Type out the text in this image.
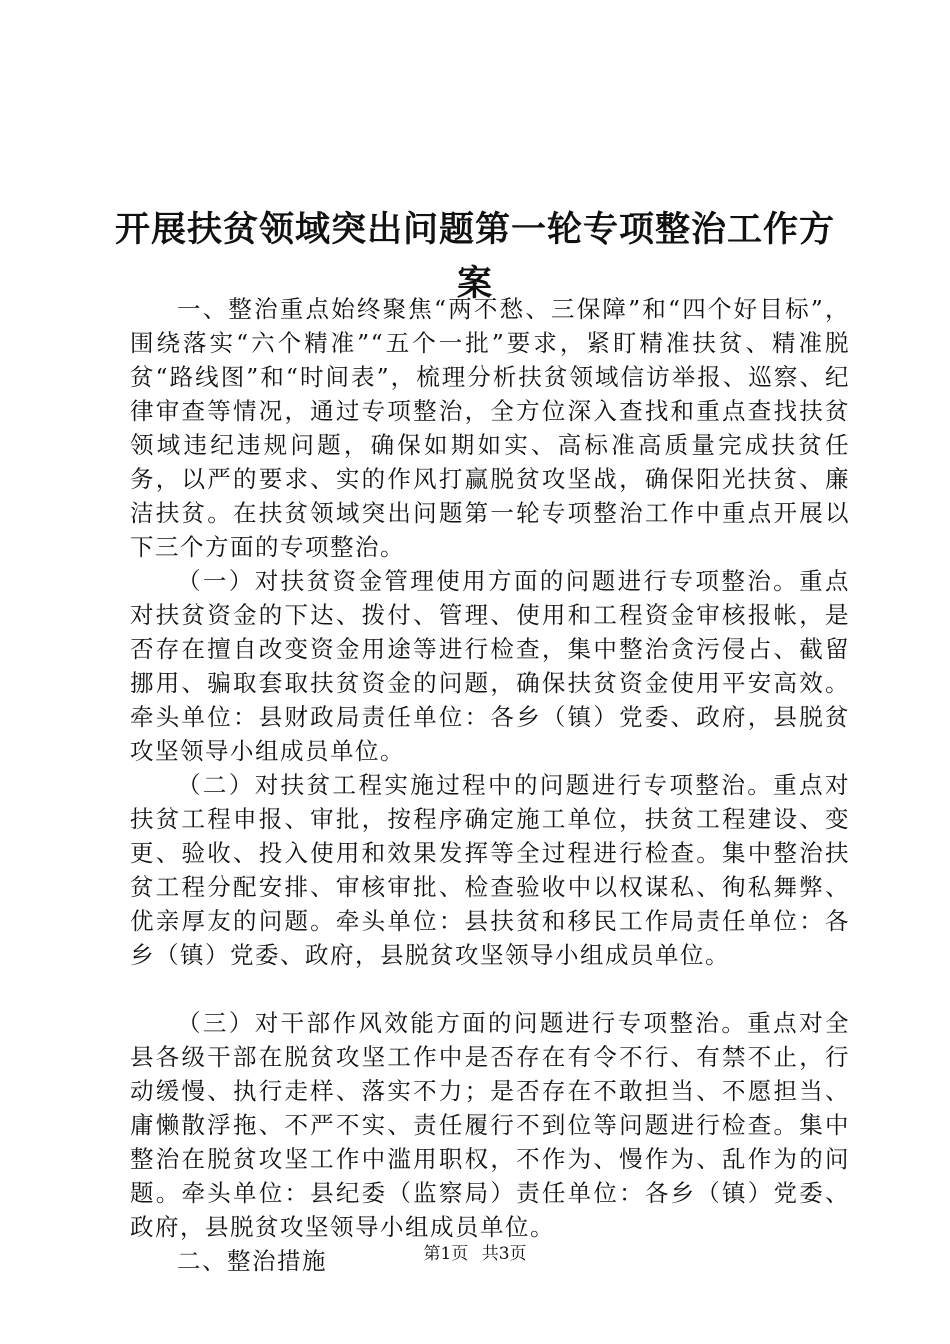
开展扶贫领域突出问题第一轮专项整治工作方案

一、整治重点始终聚焦“两不愁、三保障”和“四个好目标”，围绕落实“六个精准”“五个一批”要求，紧盯精准扶贫、精准脱贫“路线图”和“时间表”，梳理分析扶贫领域信访举报、巡察、纪律审查等情况，通过专项整治，全方位深入查找和重点查找扶贫领域违纪违规问题，确保如期如实、高标准高质量完成扶贫任务，以严的要求、实的作风打赢脱贫攻坚战，确保阳光扶贫、廉洁扶贫。在扶贫领域突出问题第一轮专项整治工作中重点开展以下三个方面的专项整治。

（一）对扶贫资金管理使用方面的问题进行专项整治。重点对扶贫资金的下达、拨付、管理、使用和工程资金审核报帐，是否存在擅自改变资金用途等进行检查，集中整治贪污侵占、截留挪用、骗取套取扶贫资金的问题，确保扶贫资金使用平安高效。牵头单位：县财政局责任单位：各乡（镇）党委、政府，县脱贫攻坚领导小组成员单位。

（二）对扶贫工程实施过程中的问题进行专项整治。重点对扶贫工程申报、审批，按程序确定施工单位，扶贫工程建设、变更、验收、投入使用和效果发挥等全过程进行检查。集中整治扶贫工程分配安排、审核审批、检查验收中以权谋私、徇私舞弊、优亲厚友的问题。牵头单位：县扶贫和移民工作局责任单位：各乡（镇）党委、政府，县脱贫攻坚领导小组成员单位。

（三）对干部作风效能方面的问题进行专项整治。重点对全县各级干部在脱贫攻坚工作中是否存在有令不行、有禁不止，行动缓慢、执行走样、落实不力；是否存在不敢担当、不愿担当、庸懒散浮拖、不严不实、责任履行不到位等问题进行检查。集中整治在脱贫攻坚工作中滥用职权，不作为、慢作为、乱作为的问题。牵头单位：县纪委（监察局）责任单位：各乡（镇）党委、政府，县脱贫攻坚领导小组成员单位。

二、整治措施	第1页 共3页
